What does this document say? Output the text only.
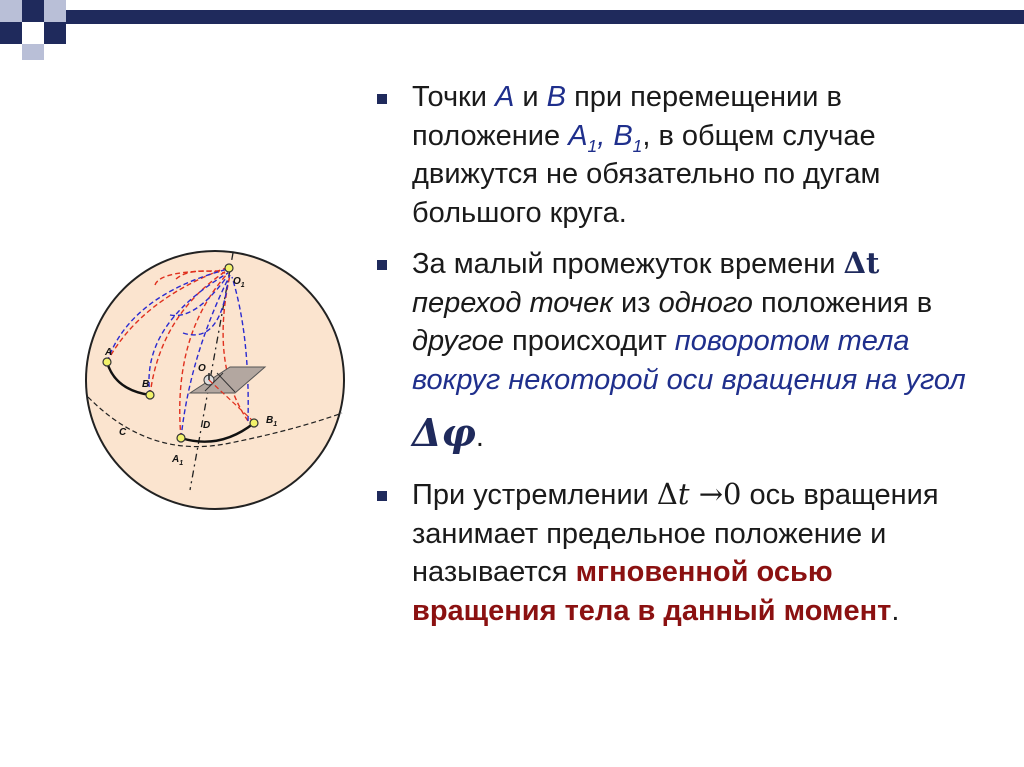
A
B
C
D
O
$O_1$
$A_1$
$B_1$
Точки A и B при перемещении в положение $A_1$, $B_1$, в общем случае движутся не обязательно по дугам большого круга.
За малый промежуток времени Δt переход точек из одного положения в другое происходит поворотом тела вокруг некоторой оси вращения на угол
Δφ.
При устремлении Δt →0 ось вращения занимает предельное положение и называется мгновенной осью вращения тела в данный момент.
